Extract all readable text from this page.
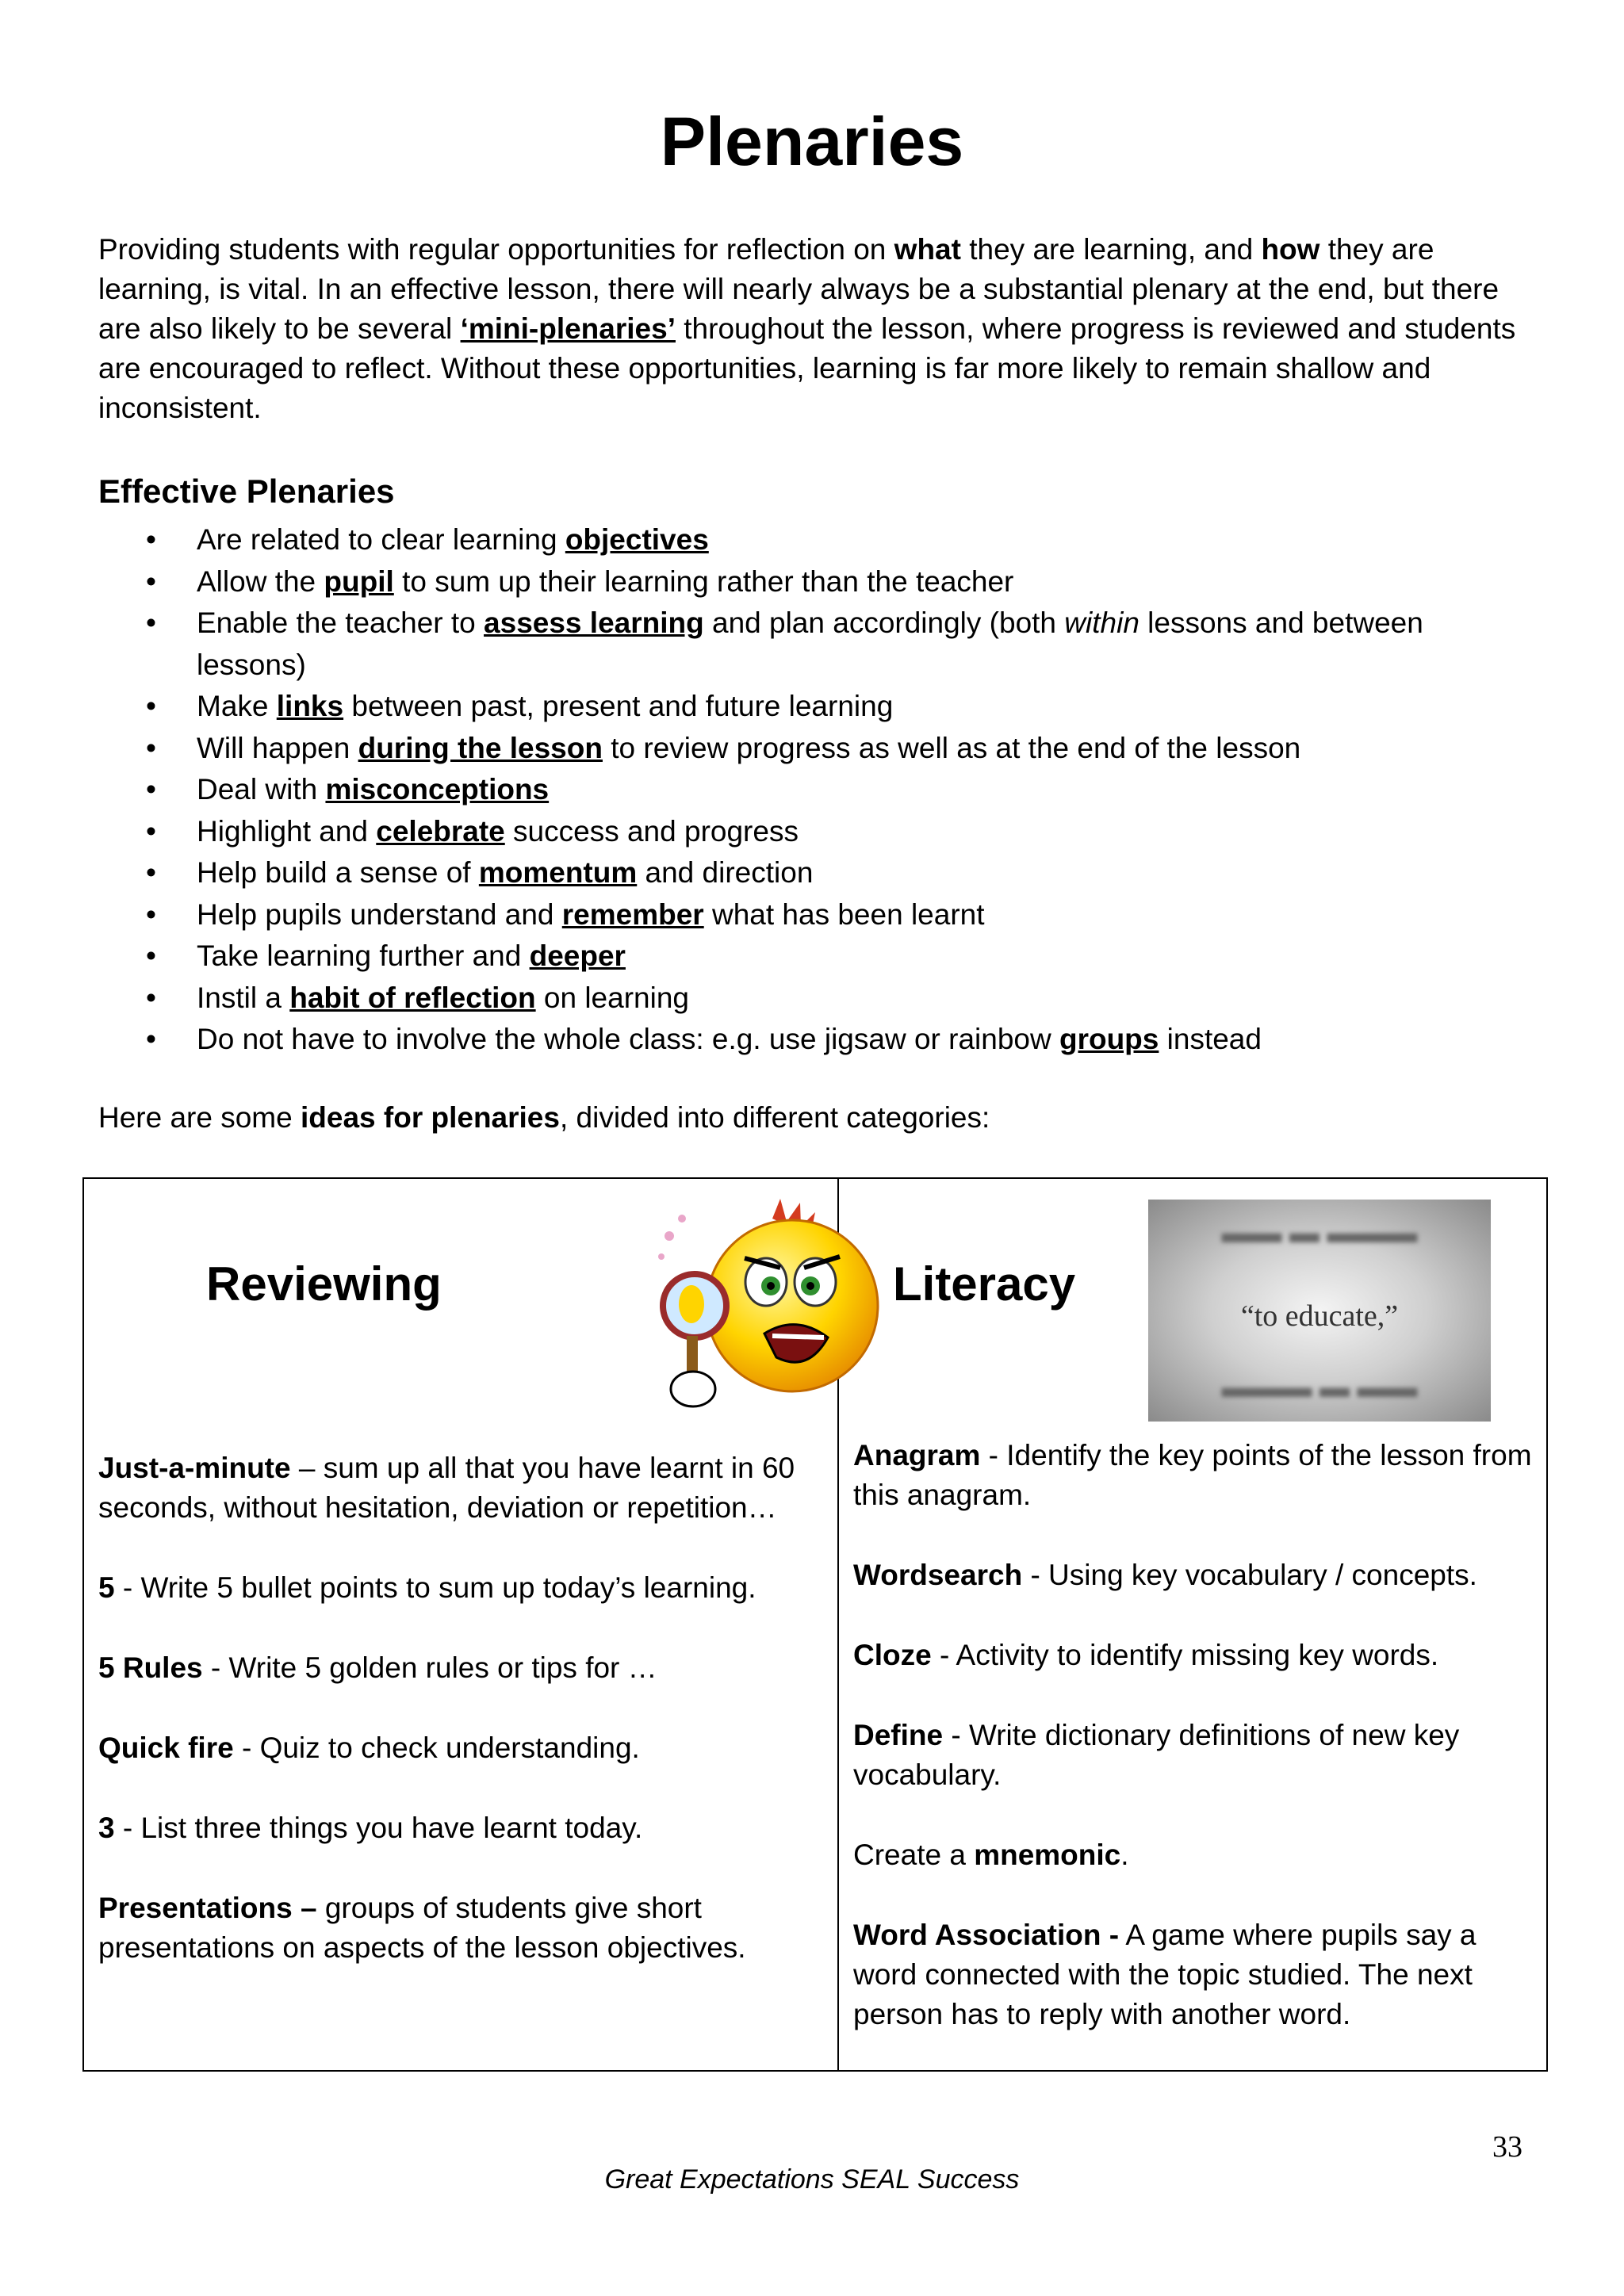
Plenaries

Providing students with regular opportunities for reflection on what they are learning, and how they are learning, is vital. In an effective lesson, there will nearly always be a substantial plenary at the end, but there are also likely to be several ‘mini-plenaries’ throughout the lesson, where progress is reviewed and students are encouraged to reflect. Without these opportunities, learning is far more likely to remain shallow and inconsistent.

Effective Plenaries
• Are related to clear learning objectives
• Allow the pupil to sum up their learning rather than the teacher
• Enable the teacher to assess learning and plan accordingly (both within lessons and between lessons)
• Make links between past, present and future learning
• Will happen during the lesson to review progress as well as at the end of the lesson
• Deal with misconceptions
• Highlight and celebrate success and progress
• Help build a sense of momentum and direction
• Help pupils understand and remember what has been learnt
• Take learning further and deeper
• Instil a habit of reflection on learning
• Do not have to involve the whole class: e.g. use jigsaw or rainbow groups instead

Here are some ideas for plenaries, divided into different categories:

Reviewing
Just-a-minute – sum up all that you have learnt in 60 seconds, without hesitation, deviation or repetition…
5 - Write 5 bullet points to sum up today’s learning.
5 Rules - Write 5 golden rules or tips for …
Quick fire - Quiz to check understanding.
3 - List three things you have learnt today.
Presentations – groups of students give short presentations on aspects of the lesson objectives.
Literacy
▬▬ ▬ ▬▬▬
“to educate,”
▬▬▬ ▬ ▬▬
Anagram - Identify the key points of the lesson from this anagram.
Wordsearch - Using key vocabulary / concepts.
Cloze - Activity to identify missing key words.
Define - Write dictionary definitions of new key vocabulary.
Create a mnemonic.
Word Association - A game where pupils say a word connected with the topic studied. The next person has to reply with another word.
33
Great Expectations SEAL Success
